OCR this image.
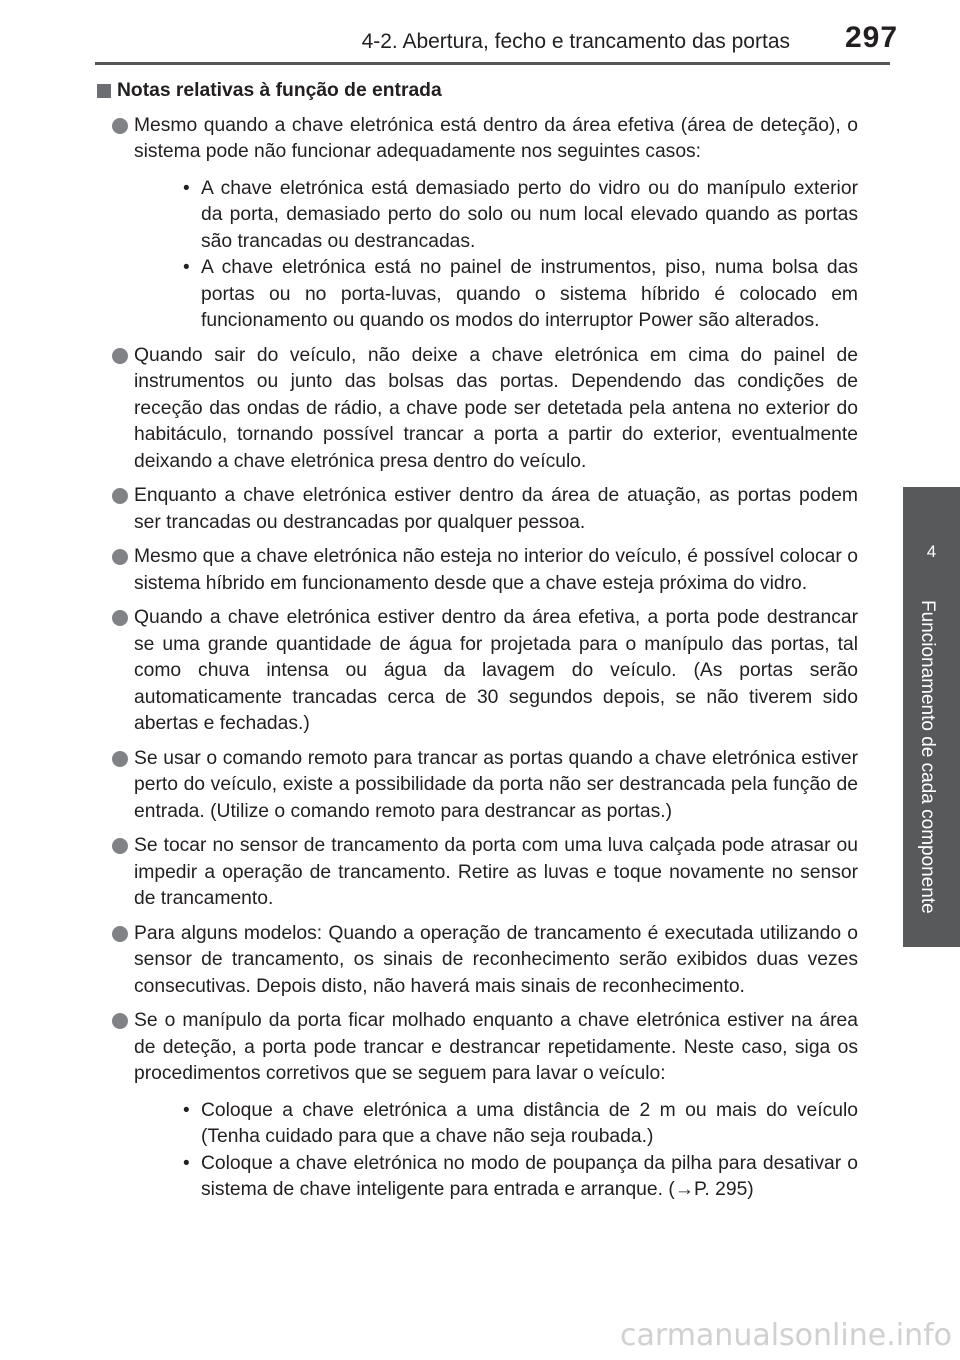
4-2. Abertura, fecho e trancamento das portas 297
4
Funcionamento de cada componente
Notas relativas à função de entrada
Mesmo quando a chave eletrónica está dentro da área efetiva (área de deteção), o sistema pode não funcionar adequadamente nos seguintes casos:
• A chave eletrónica está demasiado perto do vidro ou do manípulo exterior da porta, demasiado perto do solo ou num local elevado quando as portas são trancadas ou destrancadas.
• A chave eletrónica está no painel de instrumentos, piso, numa bolsa das portas ou no porta-luvas, quando o sistema híbrido é colocado em funcionamento ou quando os modos do interruptor Power são alterados.
Quando sair do veículo, não deixe a chave eletrónica em cima do painel de instrumentos ou junto das bolsas das portas. Dependendo das condições de receção das ondas de rádio, a chave pode ser detetada pela antena no exterior do habitáculo, tornando possível trancar a porta a partir do exterior, eventualmente deixando a chave eletrónica presa dentro do veículo.
Enquanto a chave eletrónica estiver dentro da área de atuação, as portas podem ser trancadas ou destrancadas por qualquer pessoa.
Mesmo que a chave eletrónica não esteja no interior do veículo, é possível colocar o sistema híbrido em funcionamento desde que a chave esteja próxima do vidro.
Quando a chave eletrónica estiver dentro da área efetiva, a porta pode destrancar se uma grande quantidade de água for projetada para o manípulo das portas, tal como chuva intensa ou água da lavagem do veículo. (As portas serão automaticamente trancadas cerca de 30 segundos depois, se não tiverem sido abertas e fechadas.)
Se usar o comando remoto para trancar as portas quando a chave eletrónica estiver perto do veículo, existe a possibilidade da porta não ser destrancada pela função de entrada. (Utilize o comando remoto para destrancar as portas.)
Se tocar no sensor de trancamento da porta com uma luva calçada pode atrasar ou impedir a operação de trancamento. Retire as luvas e toque novamente no sensor de trancamento.
Para alguns modelos: Quando a operação de trancamento é executada utilizando o sensor de trancamento, os sinais de reconhecimento serão exibidos duas vezes consecutivas. Depois disto, não haverá mais sinais de reconhecimento.
Se o manípulo da porta ficar molhado enquanto a chave eletrónica estiver na área de deteção, a porta pode trancar e destrancar repetidamente. Neste caso, siga os procedimentos corretivos que se seguem para lavar o veículo:
• Coloque a chave eletrónica a uma distância de 2 m ou mais do veículo (Tenha cuidado para que a chave não seja roubada.)
• Coloque a chave eletrónica no modo de poupança da pilha para desativar o sistema de chave inteligente para entrada e arranque. (→P. 295)
carmanualsonline.info
